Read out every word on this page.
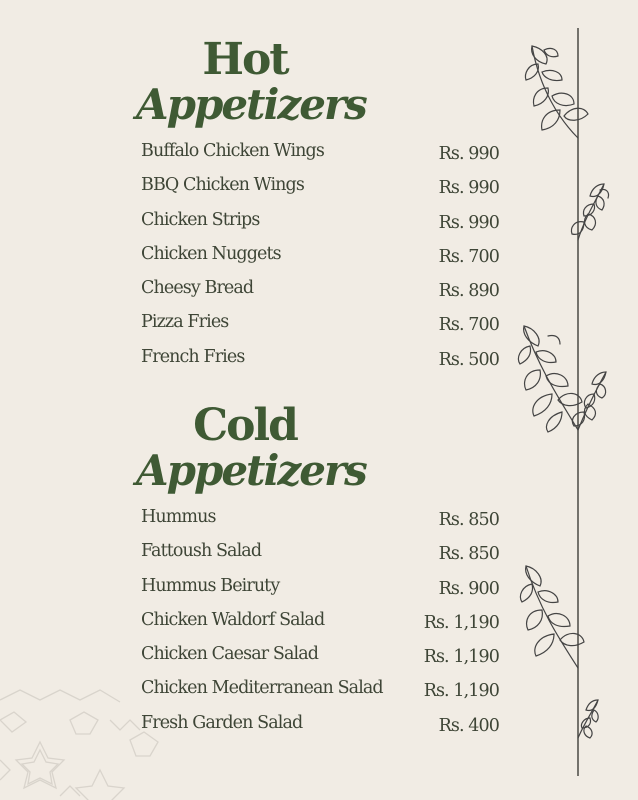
Hot
Appetizers
Buffalo Chicken Wings	Rs. 990
BBQ Chicken Wings	Rs. 990
Chicken Strips	Rs. 990
Chicken Nuggets	Rs. 700
Cheesy Bread	Rs. 890
Pizza Fries	Rs. 700
French Fries	Rs. 500
Cold
Appetizers
Hummus	Rs. 850
Fattoush Salad	Rs. 850
Hummus Beiruty	Rs. 900
Chicken Waldorf Salad	Rs. 1,190
Chicken Caesar Salad	Rs. 1,190
Chicken Mediterranean Salad Rs. 1,190
Fresh Garden Salad	Rs. 400
